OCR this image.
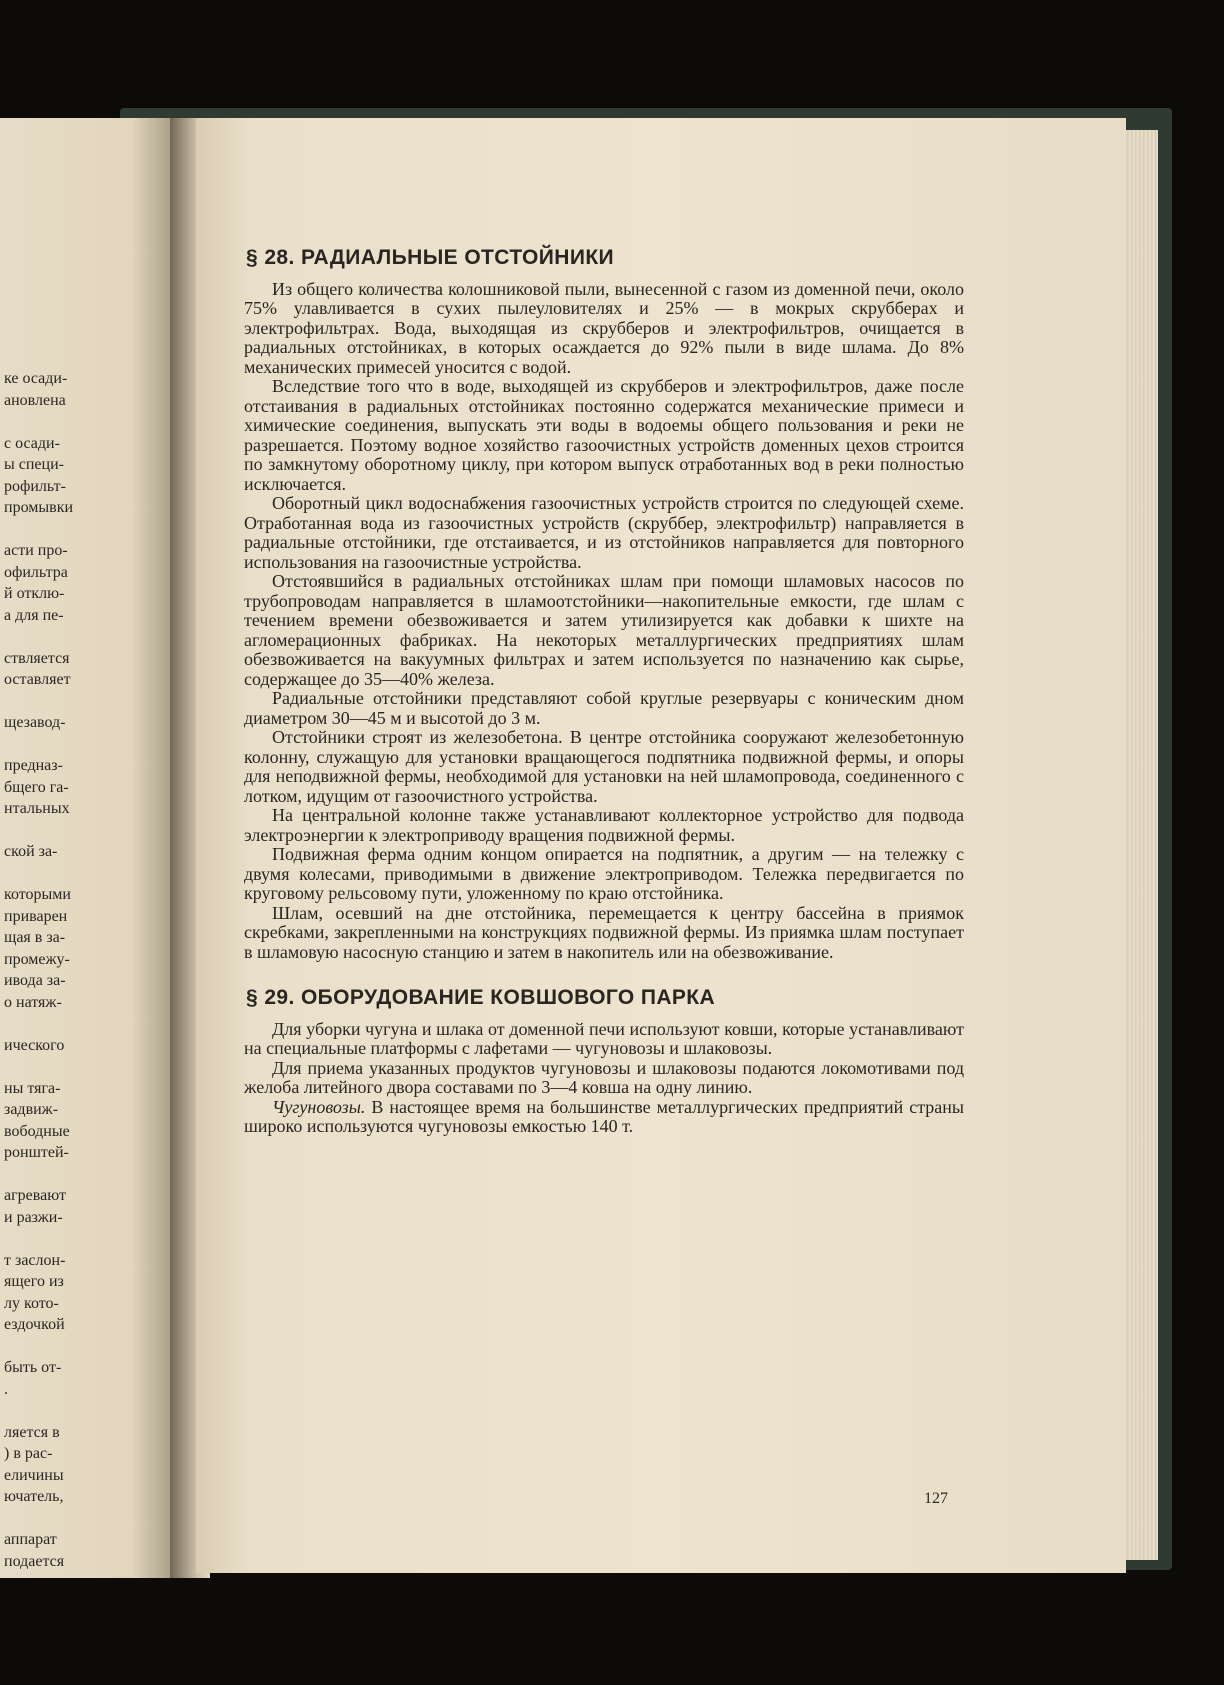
ке осади-
ановлена
с осади-
ы специ-
рофильт-
промывки
асти про-
офильтра
й отклю-
а для пе-
ствляется
оставляет
щезавод-
предназ-
бщего га-
нтальных
ской за-
которыми
приварен
щая в за-
промежу-
ивода за-
о натяж-
ического
ны тяга-
задвиж-
вободные
ронштей-
агревают
и разжи-
т заслон-
ящего из
лу кото-
ездочкой
быть от-
.
ляется в
) в рас-
еличины
ючатель,
аппарат
подается
§ 28. РАДИАЛЬНЫЕ ОТСТОЙНИКИ

Из общего количества колошниковой пыли, вынесенной с газом из доменной печи, около 75% улавливается в сухих пылеуловителях и 25% — в мокрых скрубберах и электрофильтрах. Вода, выходящая из скрубберов и электрофильтров, очищается в радиальных отстойниках, в которых осаждается до 92% пыли в виде шлама. До 8% механических примесей уносится с водой.

Вследствие того что в воде, выходящей из скрубберов и электрофильтров, даже после отстаивания в радиальных отстойниках постоянно содержатся механические примеси и химические соединения, выпускать эти воды в водоемы общего пользования и реки не разрешается. Поэтому водное хозяйство газоочистных устройств доменных цехов строится по замкнутому оборотному циклу, при котором выпуск отработанных вод в реки полностью исключается.

Оборотный цикл водоснабжения газоочистных устройств строится по следующей схеме. Отработанная вода из газоочистных устройств (скруббер, электрофильтр) направляется в радиальные отстойники, где отстаивается, и из отстойников направляется для повторного использования на газоочистные устройства.

Отстоявшийся в радиальных отстойниках шлам при помощи шламовых насосов по трубопроводам направляется в шламоотстойники—накопительные емкости, где шлам с течением времени обезвоживается и затем утилизируется как добавки к шихте на агломерационных фабриках. На некоторых металлургических предприятиях шлам обезвоживается на вакуумных фильтрах и затем используется по назначению как сырье, содержащее до 35—40% железа.

Радиальные отстойники представляют собой круглые резервуары с коническим дном диаметром 30—45 м и высотой до 3 м.

Отстойники строят из железобетона. В центре отстойника сооружают железобетонную колонну, служащую для установки вращающегося подпятника подвижной фермы, и опоры для неподвижной фермы, необходимой для установки на ней шламопровода, соединенного с лотком, идущим от газоочистного устройства.

На центральной колонне также устанавливают коллекторное устройство для подвода электроэнергии к электроприводу вращения подвижной фермы.

Подвижная ферма одним концом опирается на подпятник, а другим — на тележку с двумя колесами, приводимыми в движение электроприводом. Тележка передвигается по круговому рельсовому пути, уложенному по краю отстойника.

Шлам, осевший на дне отстойника, перемещается к центру бассейна в приямок скребками, закрепленными на конструкциях подвижной фермы. Из приямка шлам поступает в шламовую насосную станцию и затем в накопитель или на обезвоживание.

§ 29. ОБОРУДОВАНИЕ КОВШОВОГО ПАРКА

Для уборки чугуна и шлака от доменной печи используют ковши, которые устанавливают на специальные платформы с лафетами — чугуновозы и шлаковозы.

Для приема указанных продуктов чугуновозы и шлаковозы подаются локомотивами под желоба литейного двора составами по 3—4 ковша на одну линию.

Чугуновозы. В настоящее время на большинстве металлургических предприятий страны широко используются чугуновозы емкостью 140 т.

127
